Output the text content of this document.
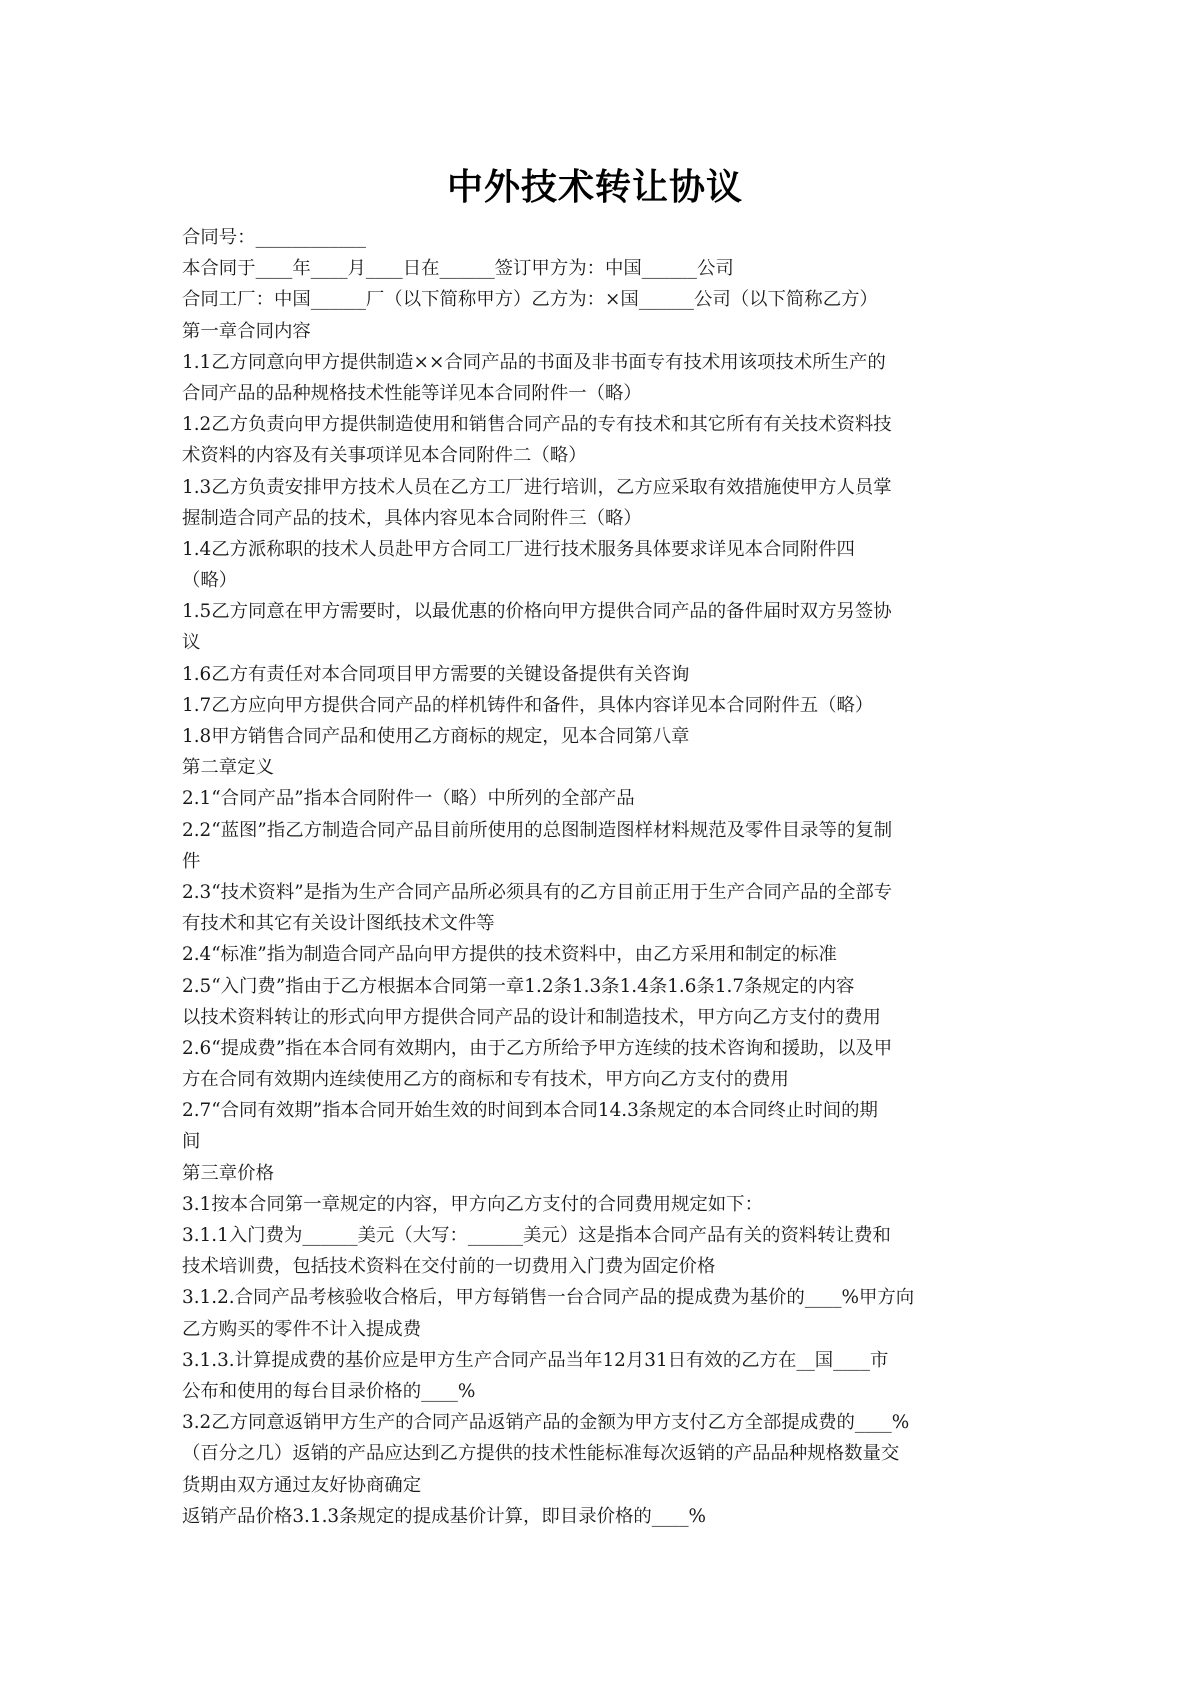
中外技术转让协议
合同号：____________
本合同于____年____月____日在______签订甲方为：中国______公司
合同工厂：中国______厂（以下简称甲方）乙方为：×国______公司（以下简称乙方）
第一章合同内容
1.1乙方同意向甲方提供制造××合同产品的书面及非书面专有技术用该项技术所生产的
合同产品的品种规格技术性能等详见本合同附件一（略）
1.2乙方负责向甲方提供制造使用和销售合同产品的专有技术和其它所有有关技术资料技
术资料的内容及有关事项详见本合同附件二（略）
1.3乙方负责安排甲方技术人员在乙方工厂进行培训，乙方应采取有效措施使甲方人员掌
握制造合同产品的技术，具体内容见本合同附件三（略）
1.4乙方派称职的技术人员赴甲方合同工厂进行技术服务具体要求详见本合同附件四
（略）
1.5乙方同意在甲方需要时，以最优惠的价格向甲方提供合同产品的备件届时双方另签协
议
1.6乙方有责任对本合同项目甲方需要的关键设备提供有关咨询
1.7乙方应向甲方提供合同产品的样机铸件和备件，具体内容详见本合同附件五（略）
1.8甲方销售合同产品和使用乙方商标的规定，见本合同第八章
第二章定义
2.1“合同产品”指本合同附件一（略）中所列的全部产品
2.2“蓝图”指乙方制造合同产品目前所使用的总图制造图样材料规范及零件目录等的复制
件
2.3“技术资料”是指为生产合同产品所必须具有的乙方目前正用于生产合同产品的全部专
有技术和其它有关设计图纸技术文件等
2.4“标准”指为制造合同产品向甲方提供的技术资料中，由乙方采用和制定的标准
2.5“入门费”指由于乙方根据本合同第一章1.2条1.3条1.4条1.6条1.7条规定的内容
以技术资料转让的形式向甲方提供合同产品的设计和制造技术，甲方向乙方支付的费用
2.6“提成费”指在本合同有效期内，由于乙方所给予甲方连续的技术咨询和援助，以及甲
方在合同有效期内连续使用乙方的商标和专有技术，甲方向乙方支付的费用
2.7“合同有效期”指本合同开始生效的时间到本合同14.3条规定的本合同终止时间的期
间
第三章价格
3.1按本合同第一章规定的内容，甲方向乙方支付的合同费用规定如下：
3.1.1入门费为______美元（大写：______美元）这是指本合同产品有关的资料转让费和
技术培训费，包括技术资料在交付前的一切费用入门费为固定价格
3.1.2.合同产品考核验收合格后，甲方每销售一台合同产品的提成费为基价的____%甲方向
乙方购买的零件不计入提成费
3.1.3.计算提成费的基价应是甲方生产合同产品当年12月31日有效的乙方在__国____市
公布和使用的每台目录价格的____%
3.2乙方同意返销甲方生产的合同产品返销产品的金额为甲方支付乙方全部提成费的____%
（百分之几）返销的产品应达到乙方提供的技术性能标准每次返销的产品品种规格数量交
货期由双方通过友好协商确定
返销产品价格3.1.3条规定的提成基价计算，即目录价格的____%
